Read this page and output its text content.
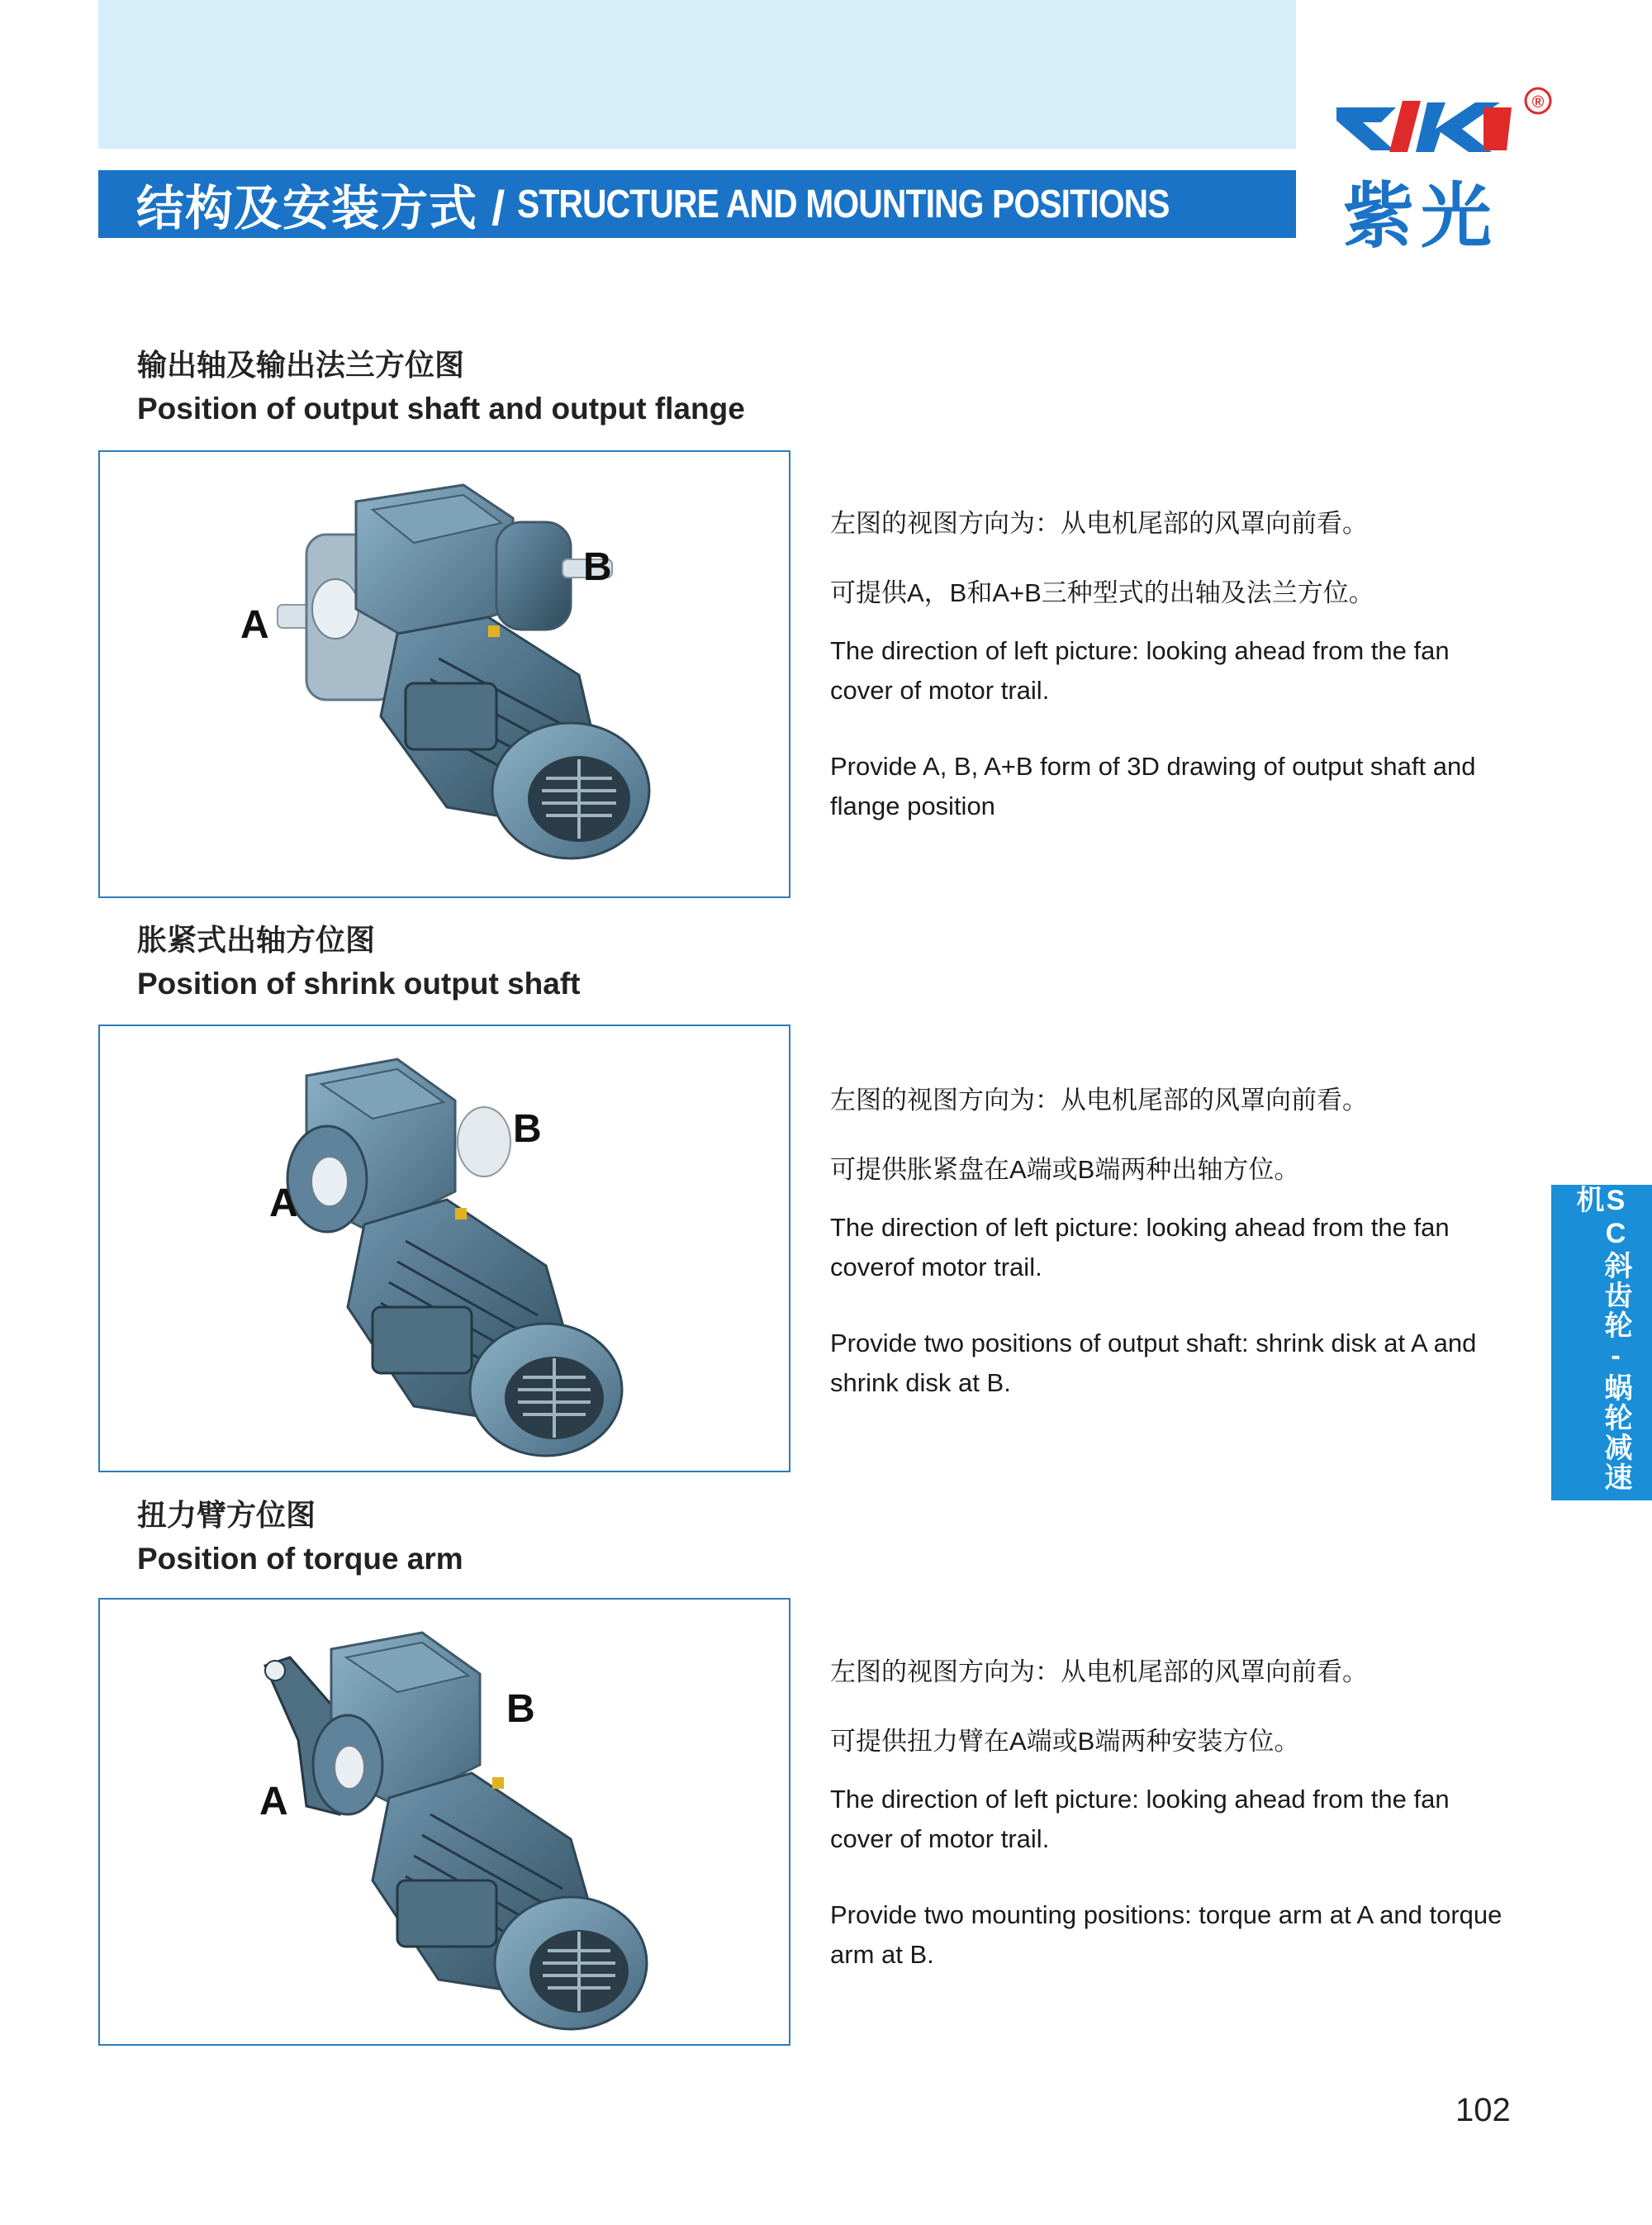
结构及安装方式 / STRUCTURE AND MOUNTING POSITIONS
®
紫光
输出轴及输出法兰方位图
Position of output shaft and output flange
A
B

左图的视图方向为：从电机尾部的风罩向前看。

可提供A，B和A+B三种型式的出轴及法兰方位。

The direction of left picture: looking ahead from the fan cover of motor trail.

Provide A, B, A+B form of 3D drawing of output shaft and flange position

胀紧式出轴方位图
Position of shrink output shaft
A
B

左图的视图方向为：从电机尾部的风罩向前看。

可提供胀紧盘在A端或B端两种出轴方位。

The direction of left picture: looking ahead from the fan coverof motor trail.

Provide two positions of output shaft: shrink disk at A and shrink disk at B.

扭力臂方位图
Position of torque arm
A
B

左图的视图方向为：从电机尾部的风罩向前看。

可提供扭力臂在A端或B端两种安装方位。

The direction of left picture: looking ahead from the fan cover of motor trail.

Provide two mounting positions: torque arm at A and torque arm at B.

SC斜齿轮-蜗轮减速机
102
